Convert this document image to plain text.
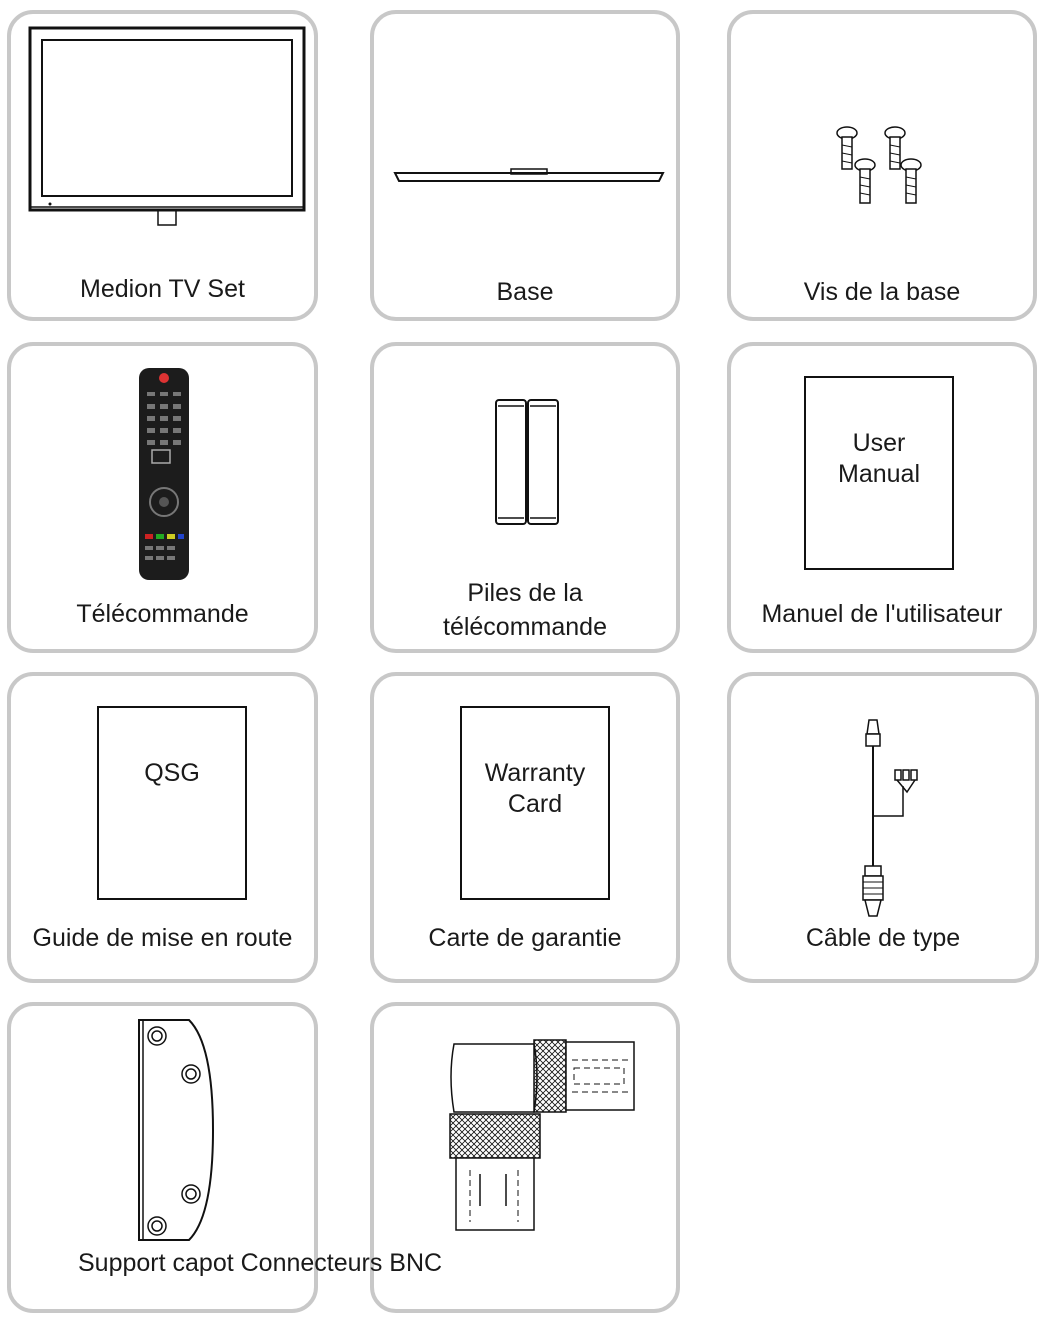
Medion TV Set	Base	Vis de la base
Télécommande
Piles de la
télécommande
User
Manual
Manuel de l'utilisateur
QSG
Guide de mise en route
Warranty
Card
Carte de garantie	Câble de type
Support capot Connecteurs BNC
